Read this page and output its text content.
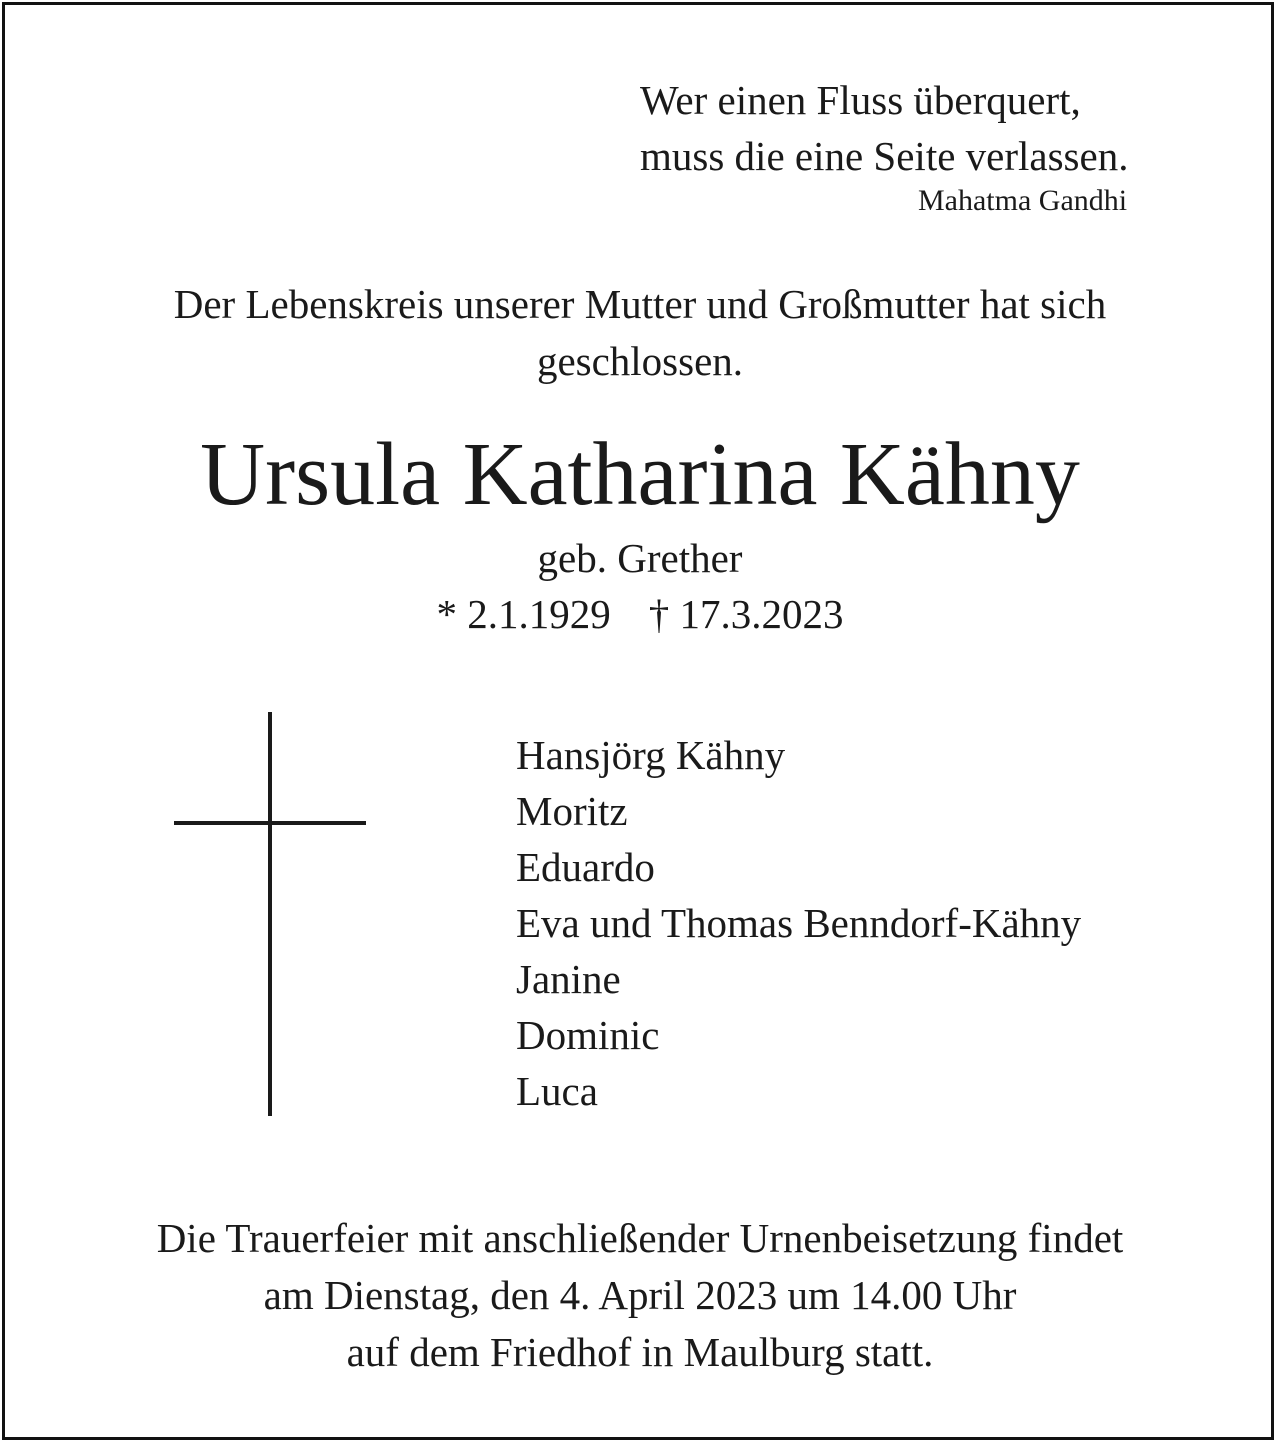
Wer einen Fluss überquert,
muss die eine Seite verlassen.
Mahatma Gandhi
Der Lebenskreis unserer Mutter und Großmutter hat sich
geschlossen.
Ursula Katharina Kähny
geb. Grether
* 2.1.1929 † 17.3.2023
Hansjörg Kähny
Moritz
Eduardo
Eva und Thomas Benndorf-Kähny
Janine
Dominic
Luca
Die Trauerfeier mit anschließender Urnenbeisetzung findet
am Dienstag, den 4. April 2023 um 14.00 Uhr
auf dem Friedhof in Maulburg statt.
